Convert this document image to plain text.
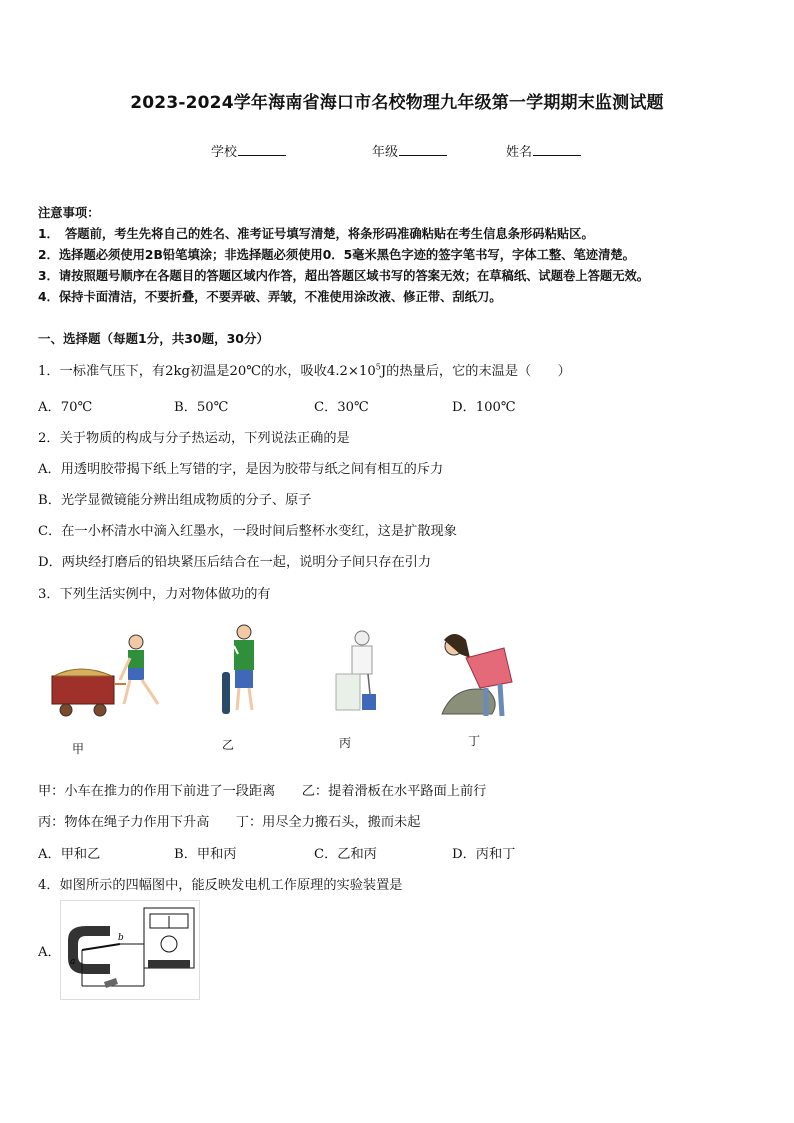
2023-2024学年海南省海口市名校物理九年级第一学期期末监测试题
学校	年级	姓名
注意事项：
1．　答题前，考生先将自己的姓名、准考证号填写清楚，将条形码准确粘贴在考生信息条形码粘贴区。
2．选择题必须使用2B铅笔填涂；非选择题必须使用0．5毫米黑色字迹的签字笔书写，字体工整、笔迹清楚。
3．请按照题号顺序在各题目的答题区域内作答，超出答题区域书写的答案无效；在草稿纸、试题卷上答题无效。
4．保持卡面清洁，不要折叠，不要弄破、弄皱，不准使用涂改液、修正带、刮纸刀。
一、选择题（每题1分，共30题，30分）
1．一标准气压下，有2kg初温是20℃的水，吸收$4.2\times 10^5J$的热量后，它的末温是（　　）
A．70℃	B．50℃	C．30℃	D．100℃
2．关于物质的构成与分子热运动，下列说法正确的是
A．用透明胶带揭下纸上写错的字，是因为胶带与纸之间有相互的斥力
B．光学显微镜能分辨出组成物质的分子、原子
C．在一小杯清水中滴入红墨水，一段时间后整杯水变红，这是扩散现象
D．两块经打磨后的铅块紧压后结合在一起，说明分子间只存在引力
3．下列生活实例中，力对物体做功的有
甲	乙	丙	丁
甲：小车在推力的作用下前进了一段距离　　乙：提着滑板在水平路面上前行
丙：物体在绳子力作用下升高　　丁：用尽全力搬石头，搬而未起
A．甲和乙	B．甲和丙	C．乙和丙	D．丙和丁
4．如图所示的四幅图中，能反映发电机工作原理的实验装置是
A．
a
b
